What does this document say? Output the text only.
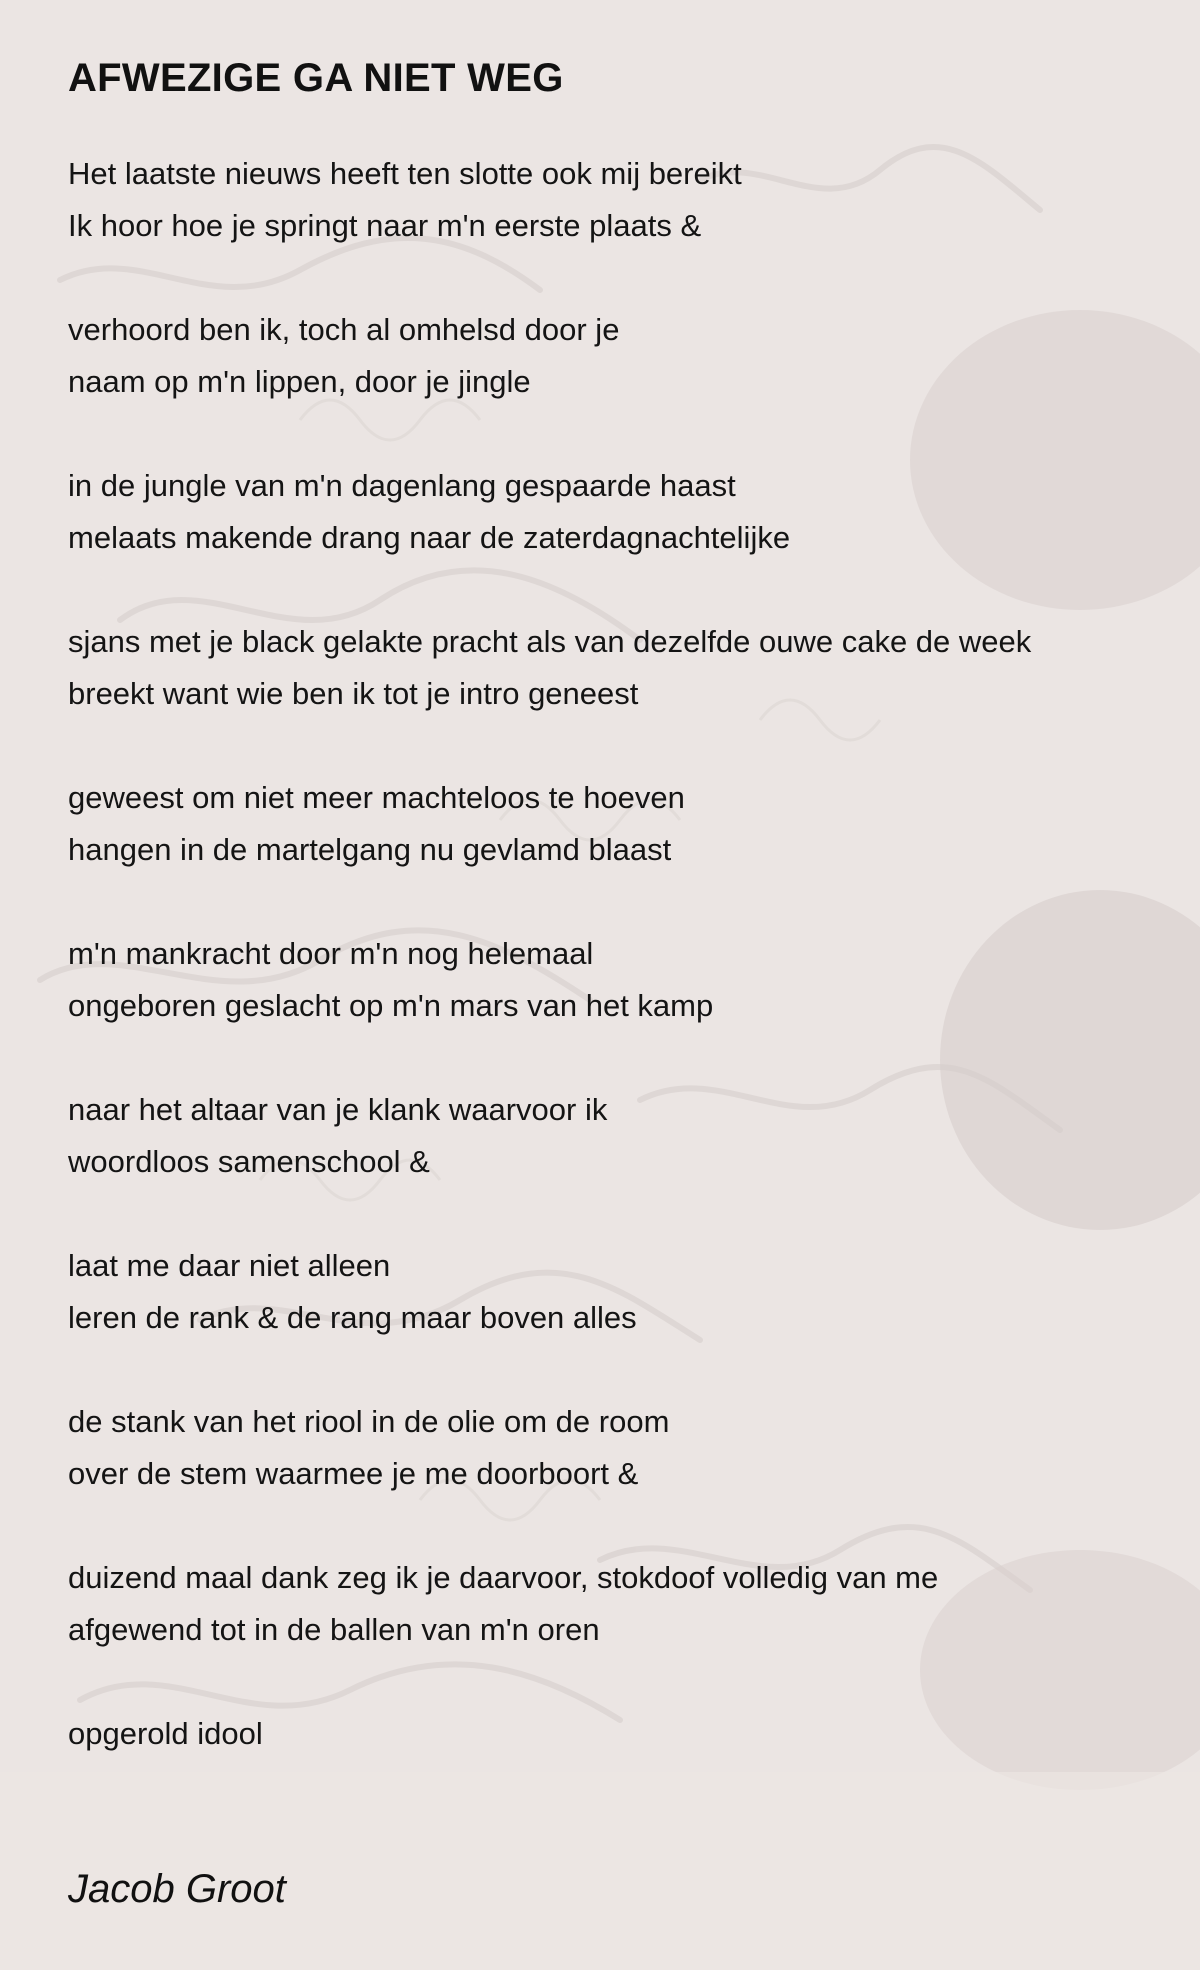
AFWEZIGE GA NIET WEG
Het laatste nieuws heeft ten slotte ook mij bereikt
Ik hoor hoe je springt naar m'n eerste plaats &
verhoord ben ik, toch al omhelsd door je
naam op m'n lippen, door je jingle
in de jungle van m'n dagenlang gespaarde haast
melaats makende drang naar de zaterdagnachtelijke
sjans met je black gelakte pracht als van dezelfde ouwe cake de week
breekt want wie ben ik tot je intro geneest
geweest om niet meer machteloos te hoeven
hangen in de martelgang nu gevlamd blaast
m'n mankracht door m'n nog helemaal
ongeboren geslacht op m'n mars van het kamp
naar het altaar van je klank waarvoor ik
woordloos samenschool &
laat me daar niet alleen
leren de rank & de rang maar boven alles
de stank van het riool in de olie om de room
over de stem waarmee je me doorboort &
duizend maal dank zeg ik je daarvoor, stokdoof volledig van me
afgewend tot in de ballen van m'n oren
opgerold idool
Jacob Groot
